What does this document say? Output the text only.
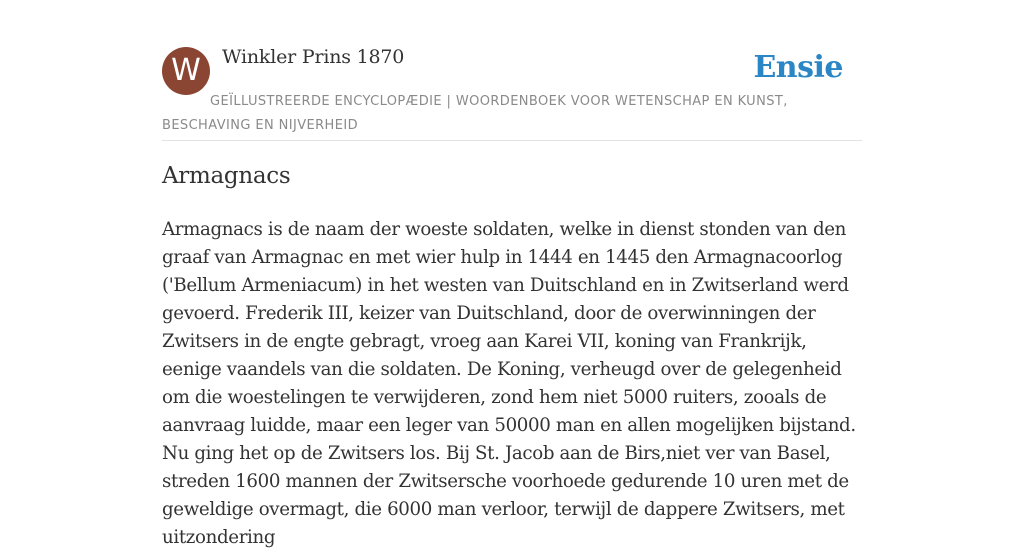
W	Winkler Prins 1870	Ensie
GEÏLLUSTREERDE ENCYCLOPÆDIE | WOORDENBOEK VOOR WETENSCHAP EN KUNST, BESCHAVING EN NIJVERHEID
Armagnacs

Armagnacs is de naam der woeste soldaten, welke in dienst stonden van den graaf van Armagnac en met wier hulp in 1444 en 1445 den Armagnacoorlog ('Bellum Armeniacum) in het westen van Duitschland en in Zwitserland werd gevoerd. Frederik III, keizer van Duitschland, door de overwinningen der Zwitsers in de engte gebragt, vroeg aan Karei VII, koning van Frankrijk, eenige vaandels van die soldaten. De Koning, verheugd over de gelegenheid om die woestelingen te verwijderen, zond hem niet 5000 ruiters, zooals de aanvraag luidde, maar een leger van 50000 man en allen mogelijken bijstand. Nu ging het op de Zwitsers los. Bij St. Jacob aan de Birs,niet ver van Basel, streden 1600 mannen der Zwitsersche voorhoede gedurende 10 uren met de geweldige overmagt, die 6000 man verloor, terwijl de dappere Zwitsers, met uitzondering
